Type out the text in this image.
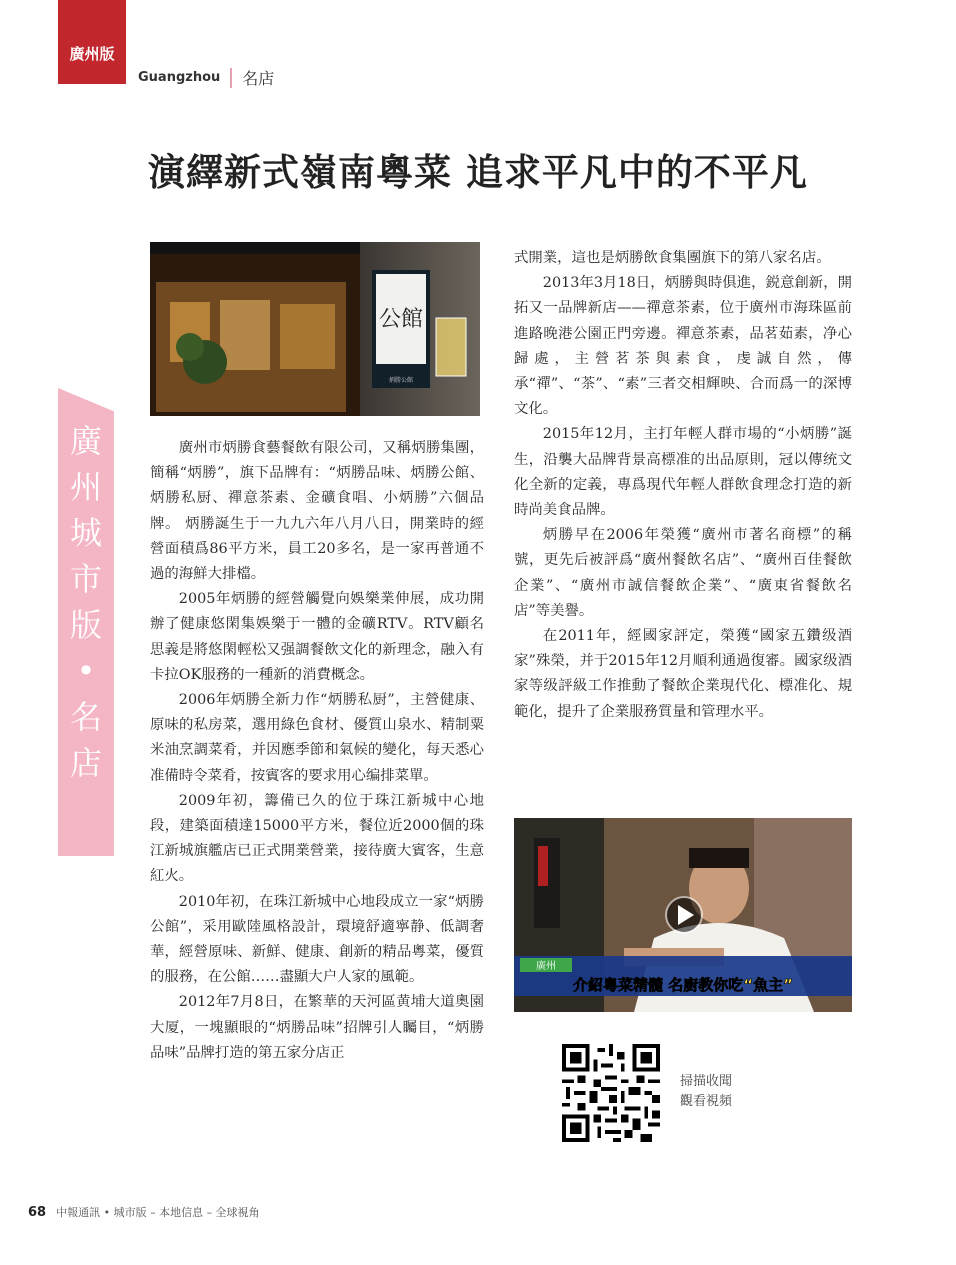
廣州版
Guangzhou 名店
廣
州
城
市
版
•
名
店
演繹新式嶺南粵菜 追求平凡中的不平凡
公館
炳勝公館

廣州市炳勝食藝餐飲有限公司，又稱炳勝集團，簡稱“炳勝”，旗下品牌有：“炳勝品味、炳勝公館、炳勝私厨、禪意茶素、金礦食唱、小炳勝”六個品牌。 炳勝誕生于一九九六年八月八日，開業時的經營面積爲86平方米，員工20多名，是一家再普通不過的海鮮大排檔。

2005年炳勝的經營觸覺向娛樂業伸展，成功開辦了健康悠閑集娛樂于一體的金礦RTV。RTV顧名思義是將悠閑輕松又强調餐飲文化的新理念，融入有卡拉OK服務的一種新的消費概念。

2006年炳勝全新力作“炳勝私厨”，主營健康、原味的私房菜，選用綠色食材、優質山泉水、精制粟米油烹調菜肴，并因應季節和氣候的變化，每天悉心准備時令菜肴，按賓客的要求用心编排菜單。

2009年初，籌備已久的位于珠江新城中心地段，建築面積達15000平方米，餐位近2000個的珠江新城旗艦店已正式開業營業，接待廣大賓客，生意紅火。

2010年初，在珠江新城中心地段成立一家“炳勝公館”，采用歐陸風格設計，環境舒適寧静、低調奢華，經營原味、新鮮、健康、創新的精品粵菜，優質的服務，在公館……盡顯大户人家的風範。

2012年7月8日，在繁華的天河區黄埔大道奧園大厦，一塊顯眼的“炳勝品味”招牌引人矚目，“炳勝品味”品牌打造的第五家分店正

式開業，這也是炳勝飲食集團旗下的第八家名店。

2013年3月18日，炳勝與時俱進，鋭意創新，開拓又一品牌新店——禪意茶素，位于廣州市海珠區前進路晚港公園正門旁邊。禪意茶素，品茗茹素，净心歸處，主營茗茶與素食，虔誠自然，傳承“禪”、“茶”、“素”三者交相輝映、合而爲一的深博文化。

2015年12月，主打年輕人群市場的“小炳勝”誕生，沿襲大品牌背景高標准的出品原則，冠以傳统文化全新的定義，專爲現代年輕人群飲食理念打造的新時尚美食品牌。

炳勝早在2006年榮獲“廣州市著名商標”的稱號，更先后被評爲“廣州餐飲名店”、“廣州百佳餐飲企業”、“廣州市誠信餐飲企業”、“廣東省餐飲名店”等美譽。

在2011年，經國家評定，榮獲“國家五鑽级酒家”殊榮，并于2015年12月順利通過復審。國家级酒家等级評級工作推動了餐飲企業現代化、標准化、規範化，提升了企業服務質量和管理水平。

廣州
介紹粵菜精髓 名廚教你吃“魚主”
掃描收聞
觀看視頻
68 中報通訊 • 城市版 – 本地信息 – 全球視角
